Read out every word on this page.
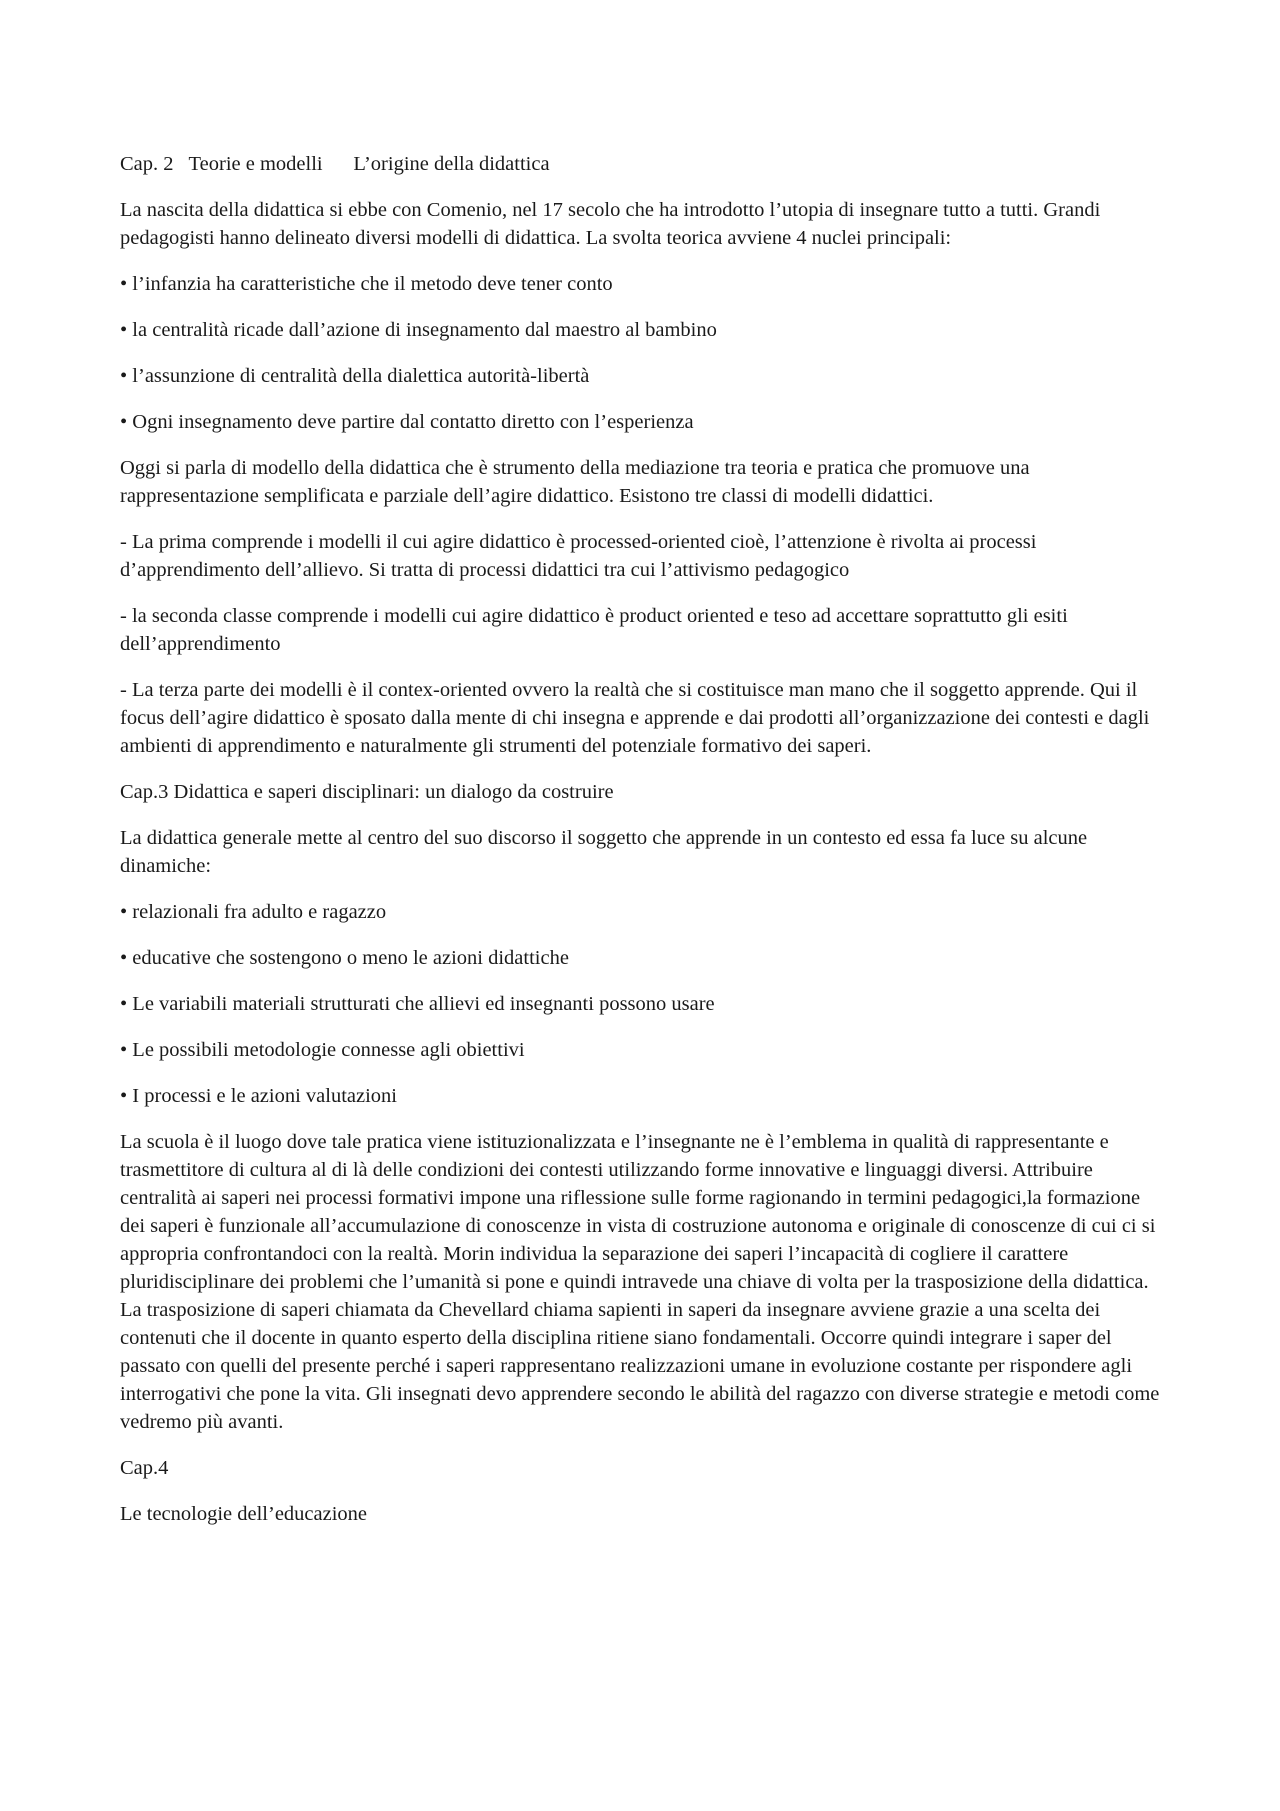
Cap. 2 Teorie e modelli L’origine della didattica

La nascita della didattica si ebbe con Comenio, nel 17 secolo che ha introdotto l’utopia di insegnare tutto a tutti. Grandi pedagogisti hanno delineato diversi modelli di didattica. La svolta teorica avviene 4 nuclei principali:

• l’infanzia ha caratteristiche che il metodo deve tener conto

• la centralità ricade dall’azione di insegnamento dal maestro al bambino

• l’assunzione di centralità della dialettica autorità-libertà

• Ogni insegnamento deve partire dal contatto diretto con l’esperienza

Oggi si parla di modello della didattica che è strumento della mediazione tra teoria e pratica che promuove una rappresentazione semplificata e parziale dell’agire didattico. Esistono tre classi di modelli didattici.

- La prima comprende i modelli il cui agire didattico è processed-oriented cioè, l’attenzione è rivolta ai processi d’apprendimento dell’allievo. Si tratta di processi didattici tra cui l’attivismo pedagogico

- la seconda classe comprende i modelli cui agire didattico è product oriented e teso ad accettare soprattutto gli esiti dell’apprendimento

- La terza parte dei modelli è il contex-oriented ovvero la realtà che si costituisce man mano che il soggetto apprende. Qui il focus dell’agire didattico è sposato dalla mente di chi insegna e apprende e dai prodotti all’organizzazione dei contesti e dagli ambienti di apprendimento e naturalmente gli strumenti del potenziale formativo dei saperi.

Cap.3 Didattica e saperi disciplinari: un dialogo da costruire

La didattica generale mette al centro del suo discorso il soggetto che apprende in un contesto ed essa fa luce su alcune dinamiche:

• relazionali fra adulto e ragazzo

• educative che sostengono o meno le azioni didattiche

• Le variabili materiali strutturati che allievi ed insegnanti possono usare

• Le possibili metodologie connesse agli obiettivi

• I processi e le azioni valutazioni

La scuola è il luogo dove tale pratica viene istituzionalizzata e l’insegnante ne è l’emblema in qualità di rappresentante e trasmettitore di cultura al di là delle condizioni dei contesti utilizzando forme innovative e linguaggi diversi. Attribuire centralità ai saperi nei processi formativi impone una riflessione sulle forme ragionando in termini pedagogici,la formazione dei saperi è funzionale all’accumulazione di conoscenze in vista di costruzione autonoma e originale di conoscenze di cui ci si appropria confrontandoci con la realtà. Morin individua la separazione dei saperi l’incapacità di cogliere il carattere pluridisciplinare dei problemi che l’umanità si pone e quindi intravede una chiave di volta per la trasposizione della didattica. La trasposizione di saperi chiamata da Chevellard chiama sapienti in saperi da insegnare avviene grazie a una scelta dei contenuti che il docente in quanto esperto della disciplina ritiene siano fondamentali. Occorre quindi integrare i saper del passato con quelli del presente perché i saperi rappresentano realizzazioni umane in evoluzione costante per rispondere agli interrogativi che pone la vita. Gli insegnati devo apprendere secondo le abilità del ragazzo con diverse strategie e metodi come vedremo più avanti.

Cap.4

Le tecnologie dell’educazione
